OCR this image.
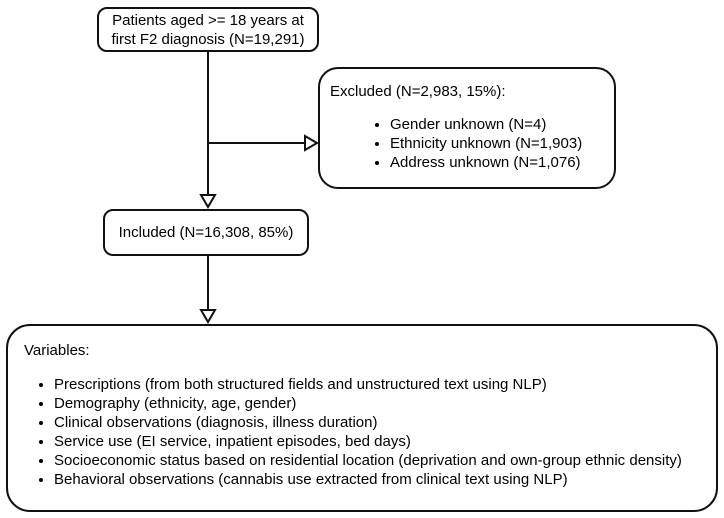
Patients aged >= 18 years at
first F2 diagnosis (N=19,291)
Excluded (N=2,983, 15%):
• Gender unknown (N=4)
• Ethnicity unknown (N=1,903)
• Address unknown (N=1,076)
Included (N=16,308, 85%)
Variables:
• Prescriptions (from both structured fields and unstructured text using NLP)
• Demography (ethnicity, age, gender)
• Clinical observations (diagnosis, illness duration)
• Service use (EI service, inpatient episodes, bed days)
• Socioeconomic status based on residential location (deprivation and own-group ethnic density)
• Behavioral observations (cannabis use extracted from clinical text using NLP)
